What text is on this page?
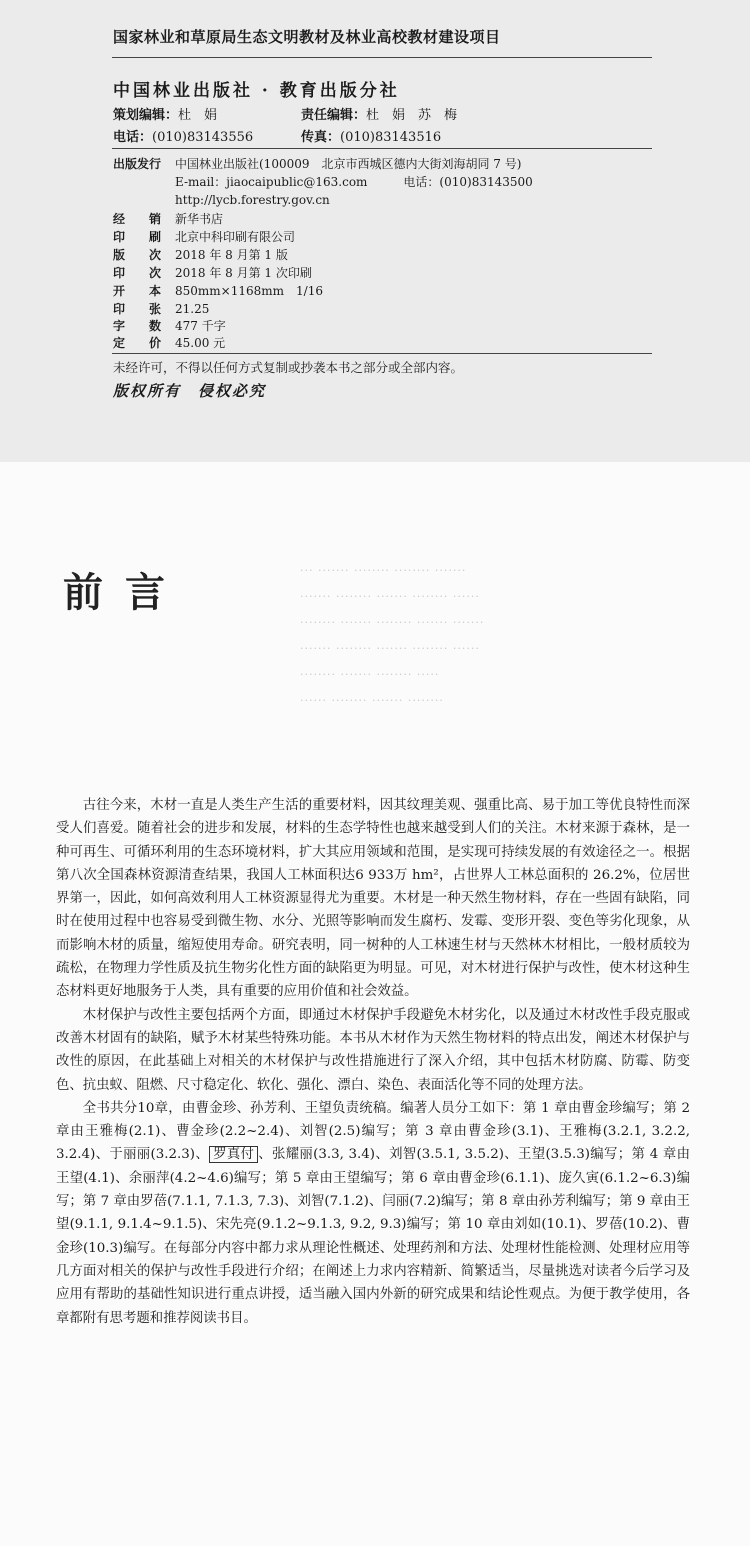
国家林业和草原局生态文明教材及林业高校教材建设项目
中国林业出版社 · 教育出版分社
策划编辑：杜　娟	责任编辑：杜　娟　苏　梅
电话：(010)83143556	传真：(010)83143516
出版发行 中国林业出版社(100009　北京市西城区德内大街刘海胡同 7 号)
E-mail：jiaocaipublic@163.com　　　电话：(010)83143500
http://lycb.forestry.gov.cn
经　　销 新华书店
印　　刷 北京中科印刷有限公司
版　　次 2018 年 8 月第 1 版
印　　次 2018 年 8 月第 1 次印刷
开　　本 850mm×1168mm　1/16
印　　张 21.25
字　　数 477 千字
定　　价 45.00 元
未经许可，不得以任何方式复制或抄袭本书之部分或全部内容。
版权所有　侵权必究
前言	··· ······· ········ ········ ·······
······· ········ ······· ········ ······
········ ······· ········ ······· ·······
······· ········ ······· ········ ······
········ ······· ········ ·····
······ ········ ······· ········

古往今来，木材一直是人类生产生活的重要材料，因其纹理美观、强重比高、易于加工等优良特性而深受人们喜爱。随着社会的进步和发展，材料的生态学特性也越来越受到人们的关注。木材来源于森林，是一种可再生、可循环利用的生态环境材料，扩大其应用领域和范围，是实现可持续发展的有效途径之一。根据第八次全国森林资源清查结果，我国人工林面积达6 933万 hm²，占世界人工林总面积的 26.2%，位居世界第一，因此，如何高效利用人工林资源显得尤为重要。木材是一种天然生物材料，存在一些固有缺陷，同时在使用过程中也容易受到微生物、水分、光照等影响而发生腐朽、发霉、变形开裂、变色等劣化现象，从而影响木材的质量，缩短使用寿命。研究表明，同一树种的人工林速生材与天然林木材相比，一般材质较为疏松，在物理力学性质及抗生物劣化性方面的缺陷更为明显。可见，对木材进行保护与改性，使木材这种生态材料更好地服务于人类，具有重要的应用价值和社会效益。

木材保护与改性主要包括两个方面，即通过木材保护手段避免木材劣化，以及通过木材改性手段克服或改善木材固有的缺陷，赋予木材某些特殊功能。本书从木材作为天然生物材料的特点出发，阐述木材保护与改性的原因，在此基础上对相关的木材保护与改性措施进行了深入介绍，其中包括木材防腐、防霉、防变色、抗虫蚁、阻燃、尺寸稳定化、软化、强化、漂白、染色、表面活化等不同的处理方法。

全书共分10章，由曹金珍、孙芳利、王望负责统稿。编著人员分工如下：第 1 章由曹金珍编写；第 2 章由王雅梅(2.1)、曹金珍(2.2~2.4)、刘智(2.5)编写；第 3 章由曹金珍(3.1)、王雅梅(3.2.1, 3.2.2, 3.2.4)、于丽丽(3.2.3)、 罗真付 、张耀丽(3.3, 3.4)、刘智(3.5.1, 3.5.2)、王望(3.5.3)编写；第 4 章由王望(4.1)、余丽萍(4.2~4.6)编写；第 5 章由王望编写；第 6 章由曹金珍(6.1.1)、庞久寅(6.1.2~6.3)编写；第 7 章由罗蓓(7.1.1, 7.1.3, 7.3)、刘智(7.1.2)、闫丽(7.2)编写；第 8 章由孙芳利编写；第 9 章由王望(9.1.1, 9.1.4~9.1.5)、宋先亮(9.1.2~9.1.3, 9.2, 9.3)编写；第 10 章由刘如(10.1)、罗蓓(10.2)、曹金珍(10.3)编写。在每部分内容中都力求从理论性概述、处理药剂和方法、处理材性能检测、处理材应用等几方面对相关的保护与改性手段进行介绍；在阐述上力求内容精新、简繁适当，尽量挑选对读者今后学习及应用有帮助的基础性知识进行重点讲授，适当融入国内外新的研究成果和结论性观点。为便于教学使用，各章都附有思考题和推荐阅读书目。
